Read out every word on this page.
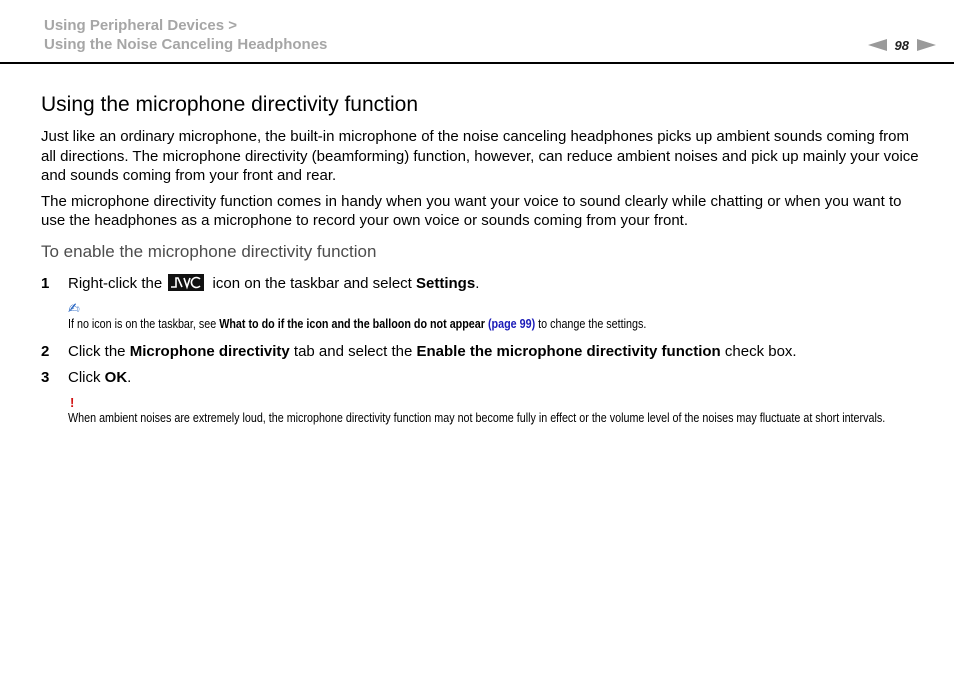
Using Peripheral Devices >
Using the Noise Canceling Headphones	98
Using the microphone directivity function

Just like an ordinary microphone, the built-in microphone of the noise canceling headphones picks up ambient sounds coming from all directions. The microphone directivity (beamforming) function, however, can reduce ambient noises and pick up mainly your voice and sounds coming from your front and rear.

The microphone directivity function comes in handy when you want your voice to sound clearly while chatting or when you want to use the headphones as a microphone to record your own voice or sounds coming from your front.

To enable the microphone directivity function
1	Right-click the	icon on the taskbar and select Settings.
✍
If no icon is on the taskbar, see What to do if the icon and the balloon do not appear (page 99) to change the settings.
2	Click the Microphone directivity tab and select the Enable the microphone directivity function check box.
3	Click OK.
!
When ambient noises are extremely loud, the microphone directivity function may not become fully in effect or the volume level of the noises may fluctuate at short intervals.
